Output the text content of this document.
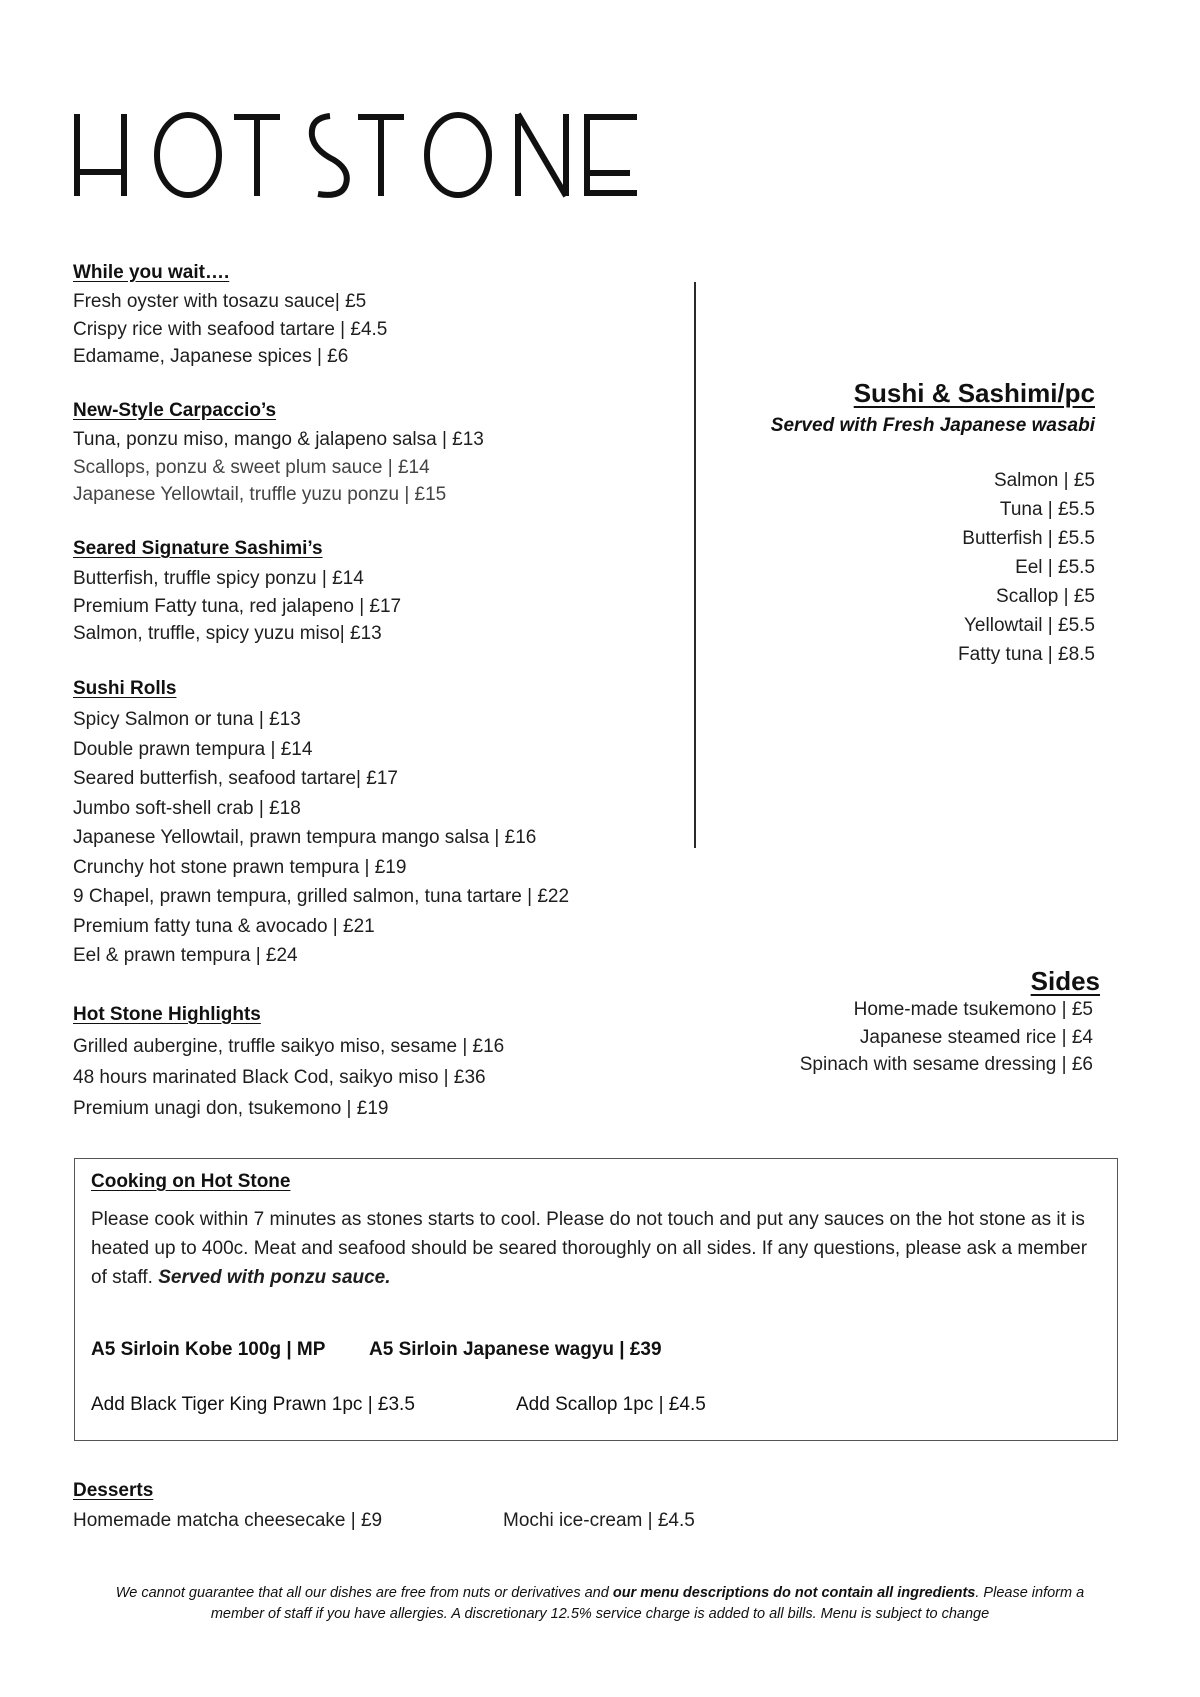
While you wait….
Fresh oyster with tosazu sauce| £5
Crispy rice with seafood tartare | £4.5
Edamame, Japanese spices | £6
New-Style Carpaccio’s
Tuna, ponzu miso, mango & jalapeno salsa | £13
Scallops, ponzu & sweet plum sauce | £14
Japanese Yellowtail, truffle yuzu ponzu | £15
Seared Signature Sashimi’s
Butterfish, truffle spicy ponzu | £14
Premium Fatty tuna, red jalapeno | £17
Salmon, truffle, spicy yuzu miso| £13
Sushi Rolls
Spicy Salmon or tuna | £13
Double prawn tempura | £14
Seared butterfish, seafood tartare| £17
Jumbo soft-shell crab | £18
Japanese Yellowtail, prawn tempura mango salsa | £16
Crunchy hot stone prawn tempura | £19
9 Chapel, prawn tempura, grilled salmon, tuna tartare | £22
Premium fatty tuna & avocado | £21
Eel & prawn tempura | £24
Hot Stone Highlights
Grilled aubergine, truffle saikyo miso, sesame | £16
48 hours marinated Black Cod, saikyo miso | £36
Premium unagi don, tsukemono | £19
Sushi & Sashimi/pc
Served with Fresh Japanese wasabi
Salmon | £5
Tuna | £5.5
Butterfish | £5.5
Eel | £5.5
Scallop | £5
Yellowtail | £5.5
Fatty tuna | £8.5
Sides
Home-made tsukemono | £5
Japanese steamed rice | £4
Spinach with sesame dressing | £6
Cooking on Hot Stone
Please cook within 7 minutes as stones starts to cool. Please do not touch and put any sauces on the hot stone as it is heated up to 400c. Meat and seafood should be seared thoroughly on all sides. If any questions, please ask a member of staff. Served with ponzu sauce.
A5 Sirloin Kobe 100g | MP A5 Sirloin Japanese wagyu | £39
Add Black Tiger King Prawn 1pc | £3.5	Add Scallop 1pc | £4.5
Desserts
Homemade matcha cheesecake | £9	Mochi ice-cream | £4.5
We cannot guarantee that all our dishes are free from nuts or derivatives and our menu descriptions do not contain all ingredients. Please inform a member of staff if you have allergies. A discretionary 12.5% service charge is added to all bills. Menu is subject to change
